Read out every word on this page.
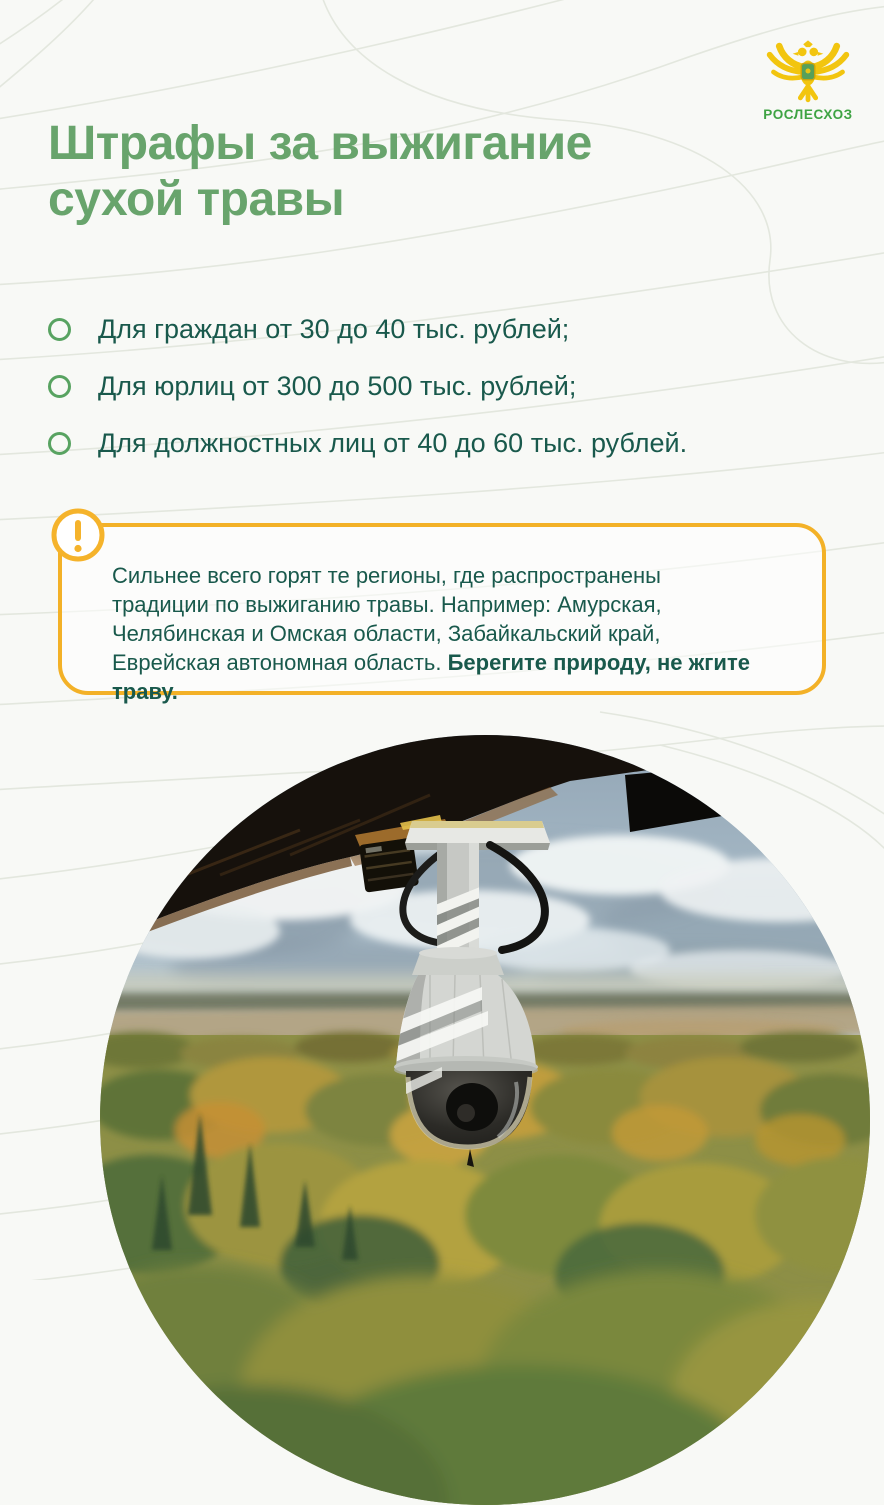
РОСЛЕСХОЗ
Штрафы за выжигание
сухой травы
Для граждан от 30 до 40 тыс. рублей;
Для юрлиц от 300 до 500 тыс. рублей;
Для должностных лиц от 40 до 60 тыс. рублей.

Сильнее всего горят те регионы, где распространены традиции по выжиганию травы. Например: Амурская, Челябинская и Омская области, Забайкальский край, Еврейская автономная область. Берегите природу, не жгите траву.
